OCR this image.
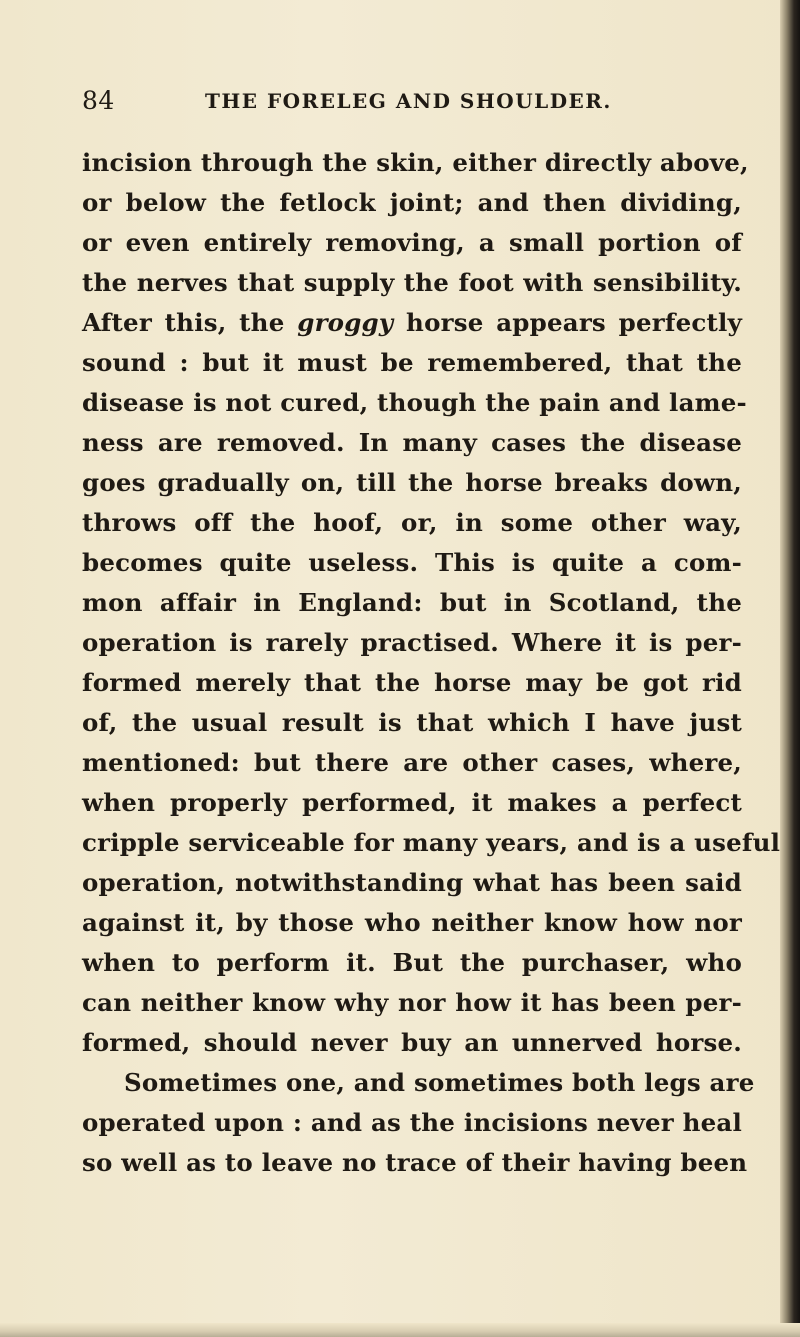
84	THE FORELEG AND SHOULDER.
incision through the skin, either directly above,
or below the fetlock joint; and then dividing,
or even entirely removing, a small portion of
the nerves that supply the foot with sensibility.
After this, the groggy horse appears perfectly
sound : but it must be remembered, that the
disease is not cured, though the pain and lame-
ness are removed. In many cases the disease
goes gradually on, till the horse breaks down,
throws off the hoof, or, in some other way,
becomes quite useless. This is quite a com-
mon affair in England: but in Scotland, the
operation is rarely practised. Where it is per-
formed merely that the horse may be got rid
of, the usual result is that which I have just
mentioned: but there are other cases, where,
when properly performed, it makes a perfect
cripple serviceable for many years, and is a useful
operation, notwithstanding what has been said
against it, by those who neither know how nor
when to perform it. But the purchaser, who
can neither know why nor how it has been per-
formed, should never buy an unnerved horse.
Sometimes one, and sometimes both legs are
operated upon : and as the incisions never heal
so well as to leave no trace of their having been
